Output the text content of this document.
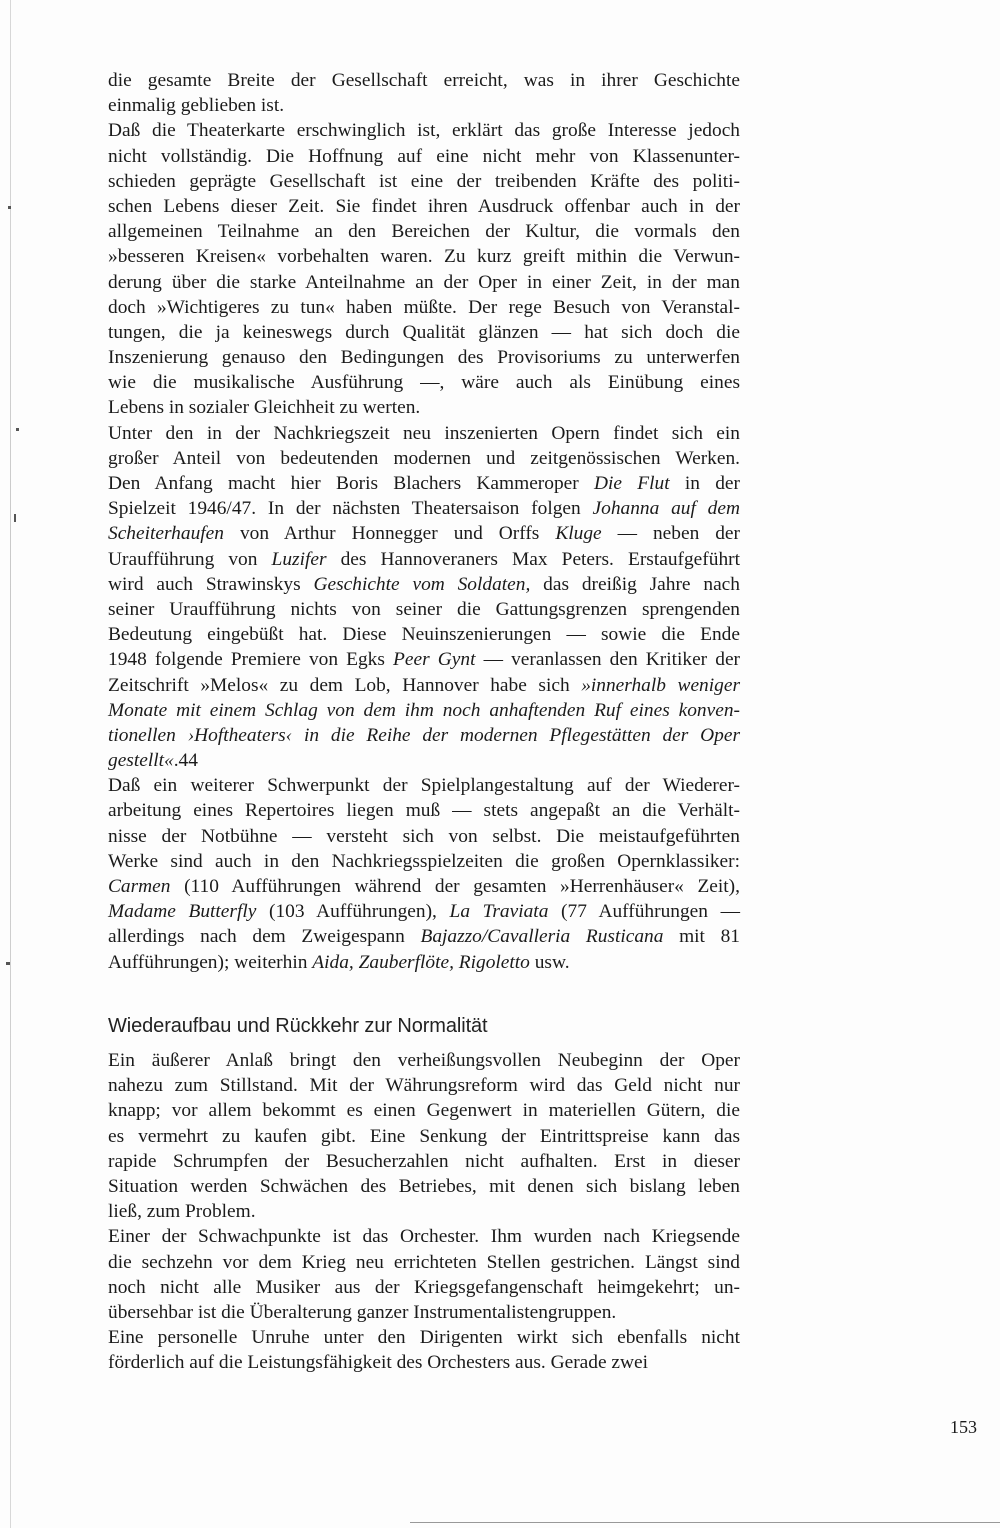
die gesamte Breite der Gesellschaft erreicht, was in ihrer Geschichte
einmalig geblieben ist.
Daß die Theaterkarte erschwinglich ist, erklärt das große Interesse jedoch
nicht vollständig. Die Hoffnung auf eine nicht mehr von Klassenunter-
schieden geprägte Gesellschaft ist eine der treibenden Kräfte des politi-
schen Lebens dieser Zeit. Sie findet ihren Ausdruck offenbar auch in der
allgemeinen Teilnahme an den Bereichen der Kultur, die vormals den
»besseren Kreisen« vorbehalten waren. Zu kurz greift mithin die Verwun-
derung über die starke Anteilnahme an der Oper in einer Zeit, in der man
doch »Wichtigeres zu tun« haben müßte. Der rege Besuch von Veranstal-
tungen, die ja keineswegs durch Qualität glänzen — hat sich doch die
Inszenierung genauso den Bedingungen des Provisoriums zu unterwerfen
wie die musikalische Ausführung —, wäre auch als Einübung eines
Lebens in sozialer Gleichheit zu werten.
Unter den in der Nachkriegszeit neu inszenierten Opern findet sich ein
großer Anteil von bedeutenden modernen und zeitgenössischen Werken.
Den Anfang macht hier Boris Blachers Kammeroper Die Flut in der
Spielzeit 1946/47. In der nächsten Theatersaison folgen Johanna auf dem
Scheiterhaufen von Arthur Honnegger und Orffs Kluge — neben der
Uraufführung von Luzifer des Hannoveraners Max Peters. Erstaufgeführt
wird auch Strawinskys Geschichte vom Soldaten, das dreißig Jahre nach
seiner Uraufführung nichts von seiner die Gattungsgrenzen sprengenden
Bedeutung eingebüßt hat. Diese Neuinszenierungen — sowie die Ende
1948 folgende Premiere von Egks Peer Gynt — veranlassen den Kritiker der
Zeitschrift »Melos« zu dem Lob, Hannover habe sich »innerhalb weniger
Monate mit einem Schlag von dem ihm noch anhaftenden Ruf eines konven-
tionellen ›Hoftheaters‹ in die Reihe der modernen Pflegestätten der Oper
gestellt«.44
Daß ein weiterer Schwerpunkt der Spielplangestaltung auf der Wiederer-
arbeitung eines Repertoires liegen muß — stets angepaßt an die Verhält-
nisse der Notbühne — versteht sich von selbst. Die meistaufgeführten
Werke sind auch in den Nachkriegsspielzeiten die großen Opernklassiker:
Carmen (110 Aufführungen während der gesamten »Herrenhäuser« Zeit),
Madame Butterfly (103 Aufführungen), La Traviata (77 Aufführungen —
allerdings nach dem Zweigespann Bajazzo/Cavalleria Rusticana mit 81
Aufführungen); weiterhin Aida, Zauberflöte, Rigoletto usw.
Wiederaufbau und Rückkehr zur Normalität
Ein äußerer Anlaß bringt den verheißungsvollen Neubeginn der Oper
nahezu zum Stillstand. Mit der Währungsreform wird das Geld nicht nur
knapp; vor allem bekommt es einen Gegenwert in materiellen Gütern, die
es vermehrt zu kaufen gibt. Eine Senkung der Eintrittspreise kann das
rapide Schrumpfen der Besucherzahlen nicht aufhalten. Erst in dieser
Situation werden Schwächen des Betriebes, mit denen sich bislang leben
ließ, zum Problem.
Einer der Schwachpunkte ist das Orchester. Ihm wurden nach Kriegsende
die sechzehn vor dem Krieg neu errichteten Stellen gestrichen. Längst sind
noch nicht alle Musiker aus der Kriegsgefangenschaft heimgekehrt; un-
übersehbar ist die Überalterung ganzer Instrumentalistengruppen.
Eine personelle Unruhe unter den Dirigenten wirkt sich ebenfalls nicht
förderlich auf die Leistungsfähigkeit des Orchesters aus. Gerade zwei
153
